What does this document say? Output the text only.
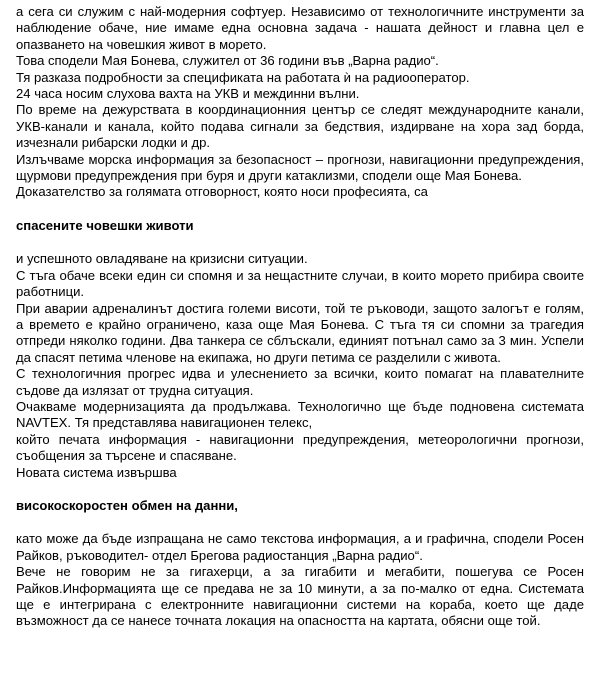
а сега си служим с най-модерния софтуер. Независимо от технологичните инструменти за наблюдение обаче, ние имаме една основна задача - нашата дейност и главна цел е опазването на човешкия живот в морето.

Това сподели Мая Бонева, служител от 36 години във „Варна радио“.

Тя разказа подробности за спецификата на работата ѝ на радиооператор.

24 часа носим слухова вахта на УКВ и междинни вълни.

По време на дежурствата в координационния център се следят международните канали, УКВ-канали и канала, който подава сигнали за бедствия, издирване на хора зад борда, изчезнали рибарски лодки и др.

Излъчваме морска информация за безопасност – прогнози, навигационни предупреждения, щурмови предупреждения при буря и други катаклизми, сподели още Мая Бонева.

Доказателство за голямата отговорност, която носи професията, са

спасените човешки животи

и успешното овладяване на кризисни ситуации.

С тъга обаче всеки един си спомня и за нещастните случаи, в които морето прибира своите работници.

При аварии адреналинът достига големи висоти, той те ръководи, защото залогът е голям, а времето е крайно ограничено, каза още Мая Бонева. С тъга тя си спомни за трагедия отпреди няколко години. Два танкера се сблъскали, единият потънал само за 3 мин. Успели да спасят петима членове на екипажа, но други петима се разделили с живота.

С технологичния прогрес идва и улеснението за всички, които помагат на плавателните съдове да излязат от трудна ситуация.

Очакваме модернизацията да продължава. Технологично ще бъде подновена системата NAVTEX. Тя представлява навигационен телекс,

който печата информация - навигационни предупреждения, метеорологични прогнози, съобщения за търсене и спасяване.

Новата система извършва

високоскоростен обмен на данни,

като може да бъде изпращана не само текстова информация, а и графична, сподели Росен Райков, ръководител- отдел Брегова радиостанция „Варна радио“.

Вече не говорим не за гигахерци, а за гигабити и мегабити, пошегува се Росен Райков.Информацията ще се предава не за 10 минути, а за по-малко от една. Системата ще е интегрирана с електронните навигационни системи на кораба, което ще даде възможност да се нанесе точната локация на опасността на картата, обясни още той.
